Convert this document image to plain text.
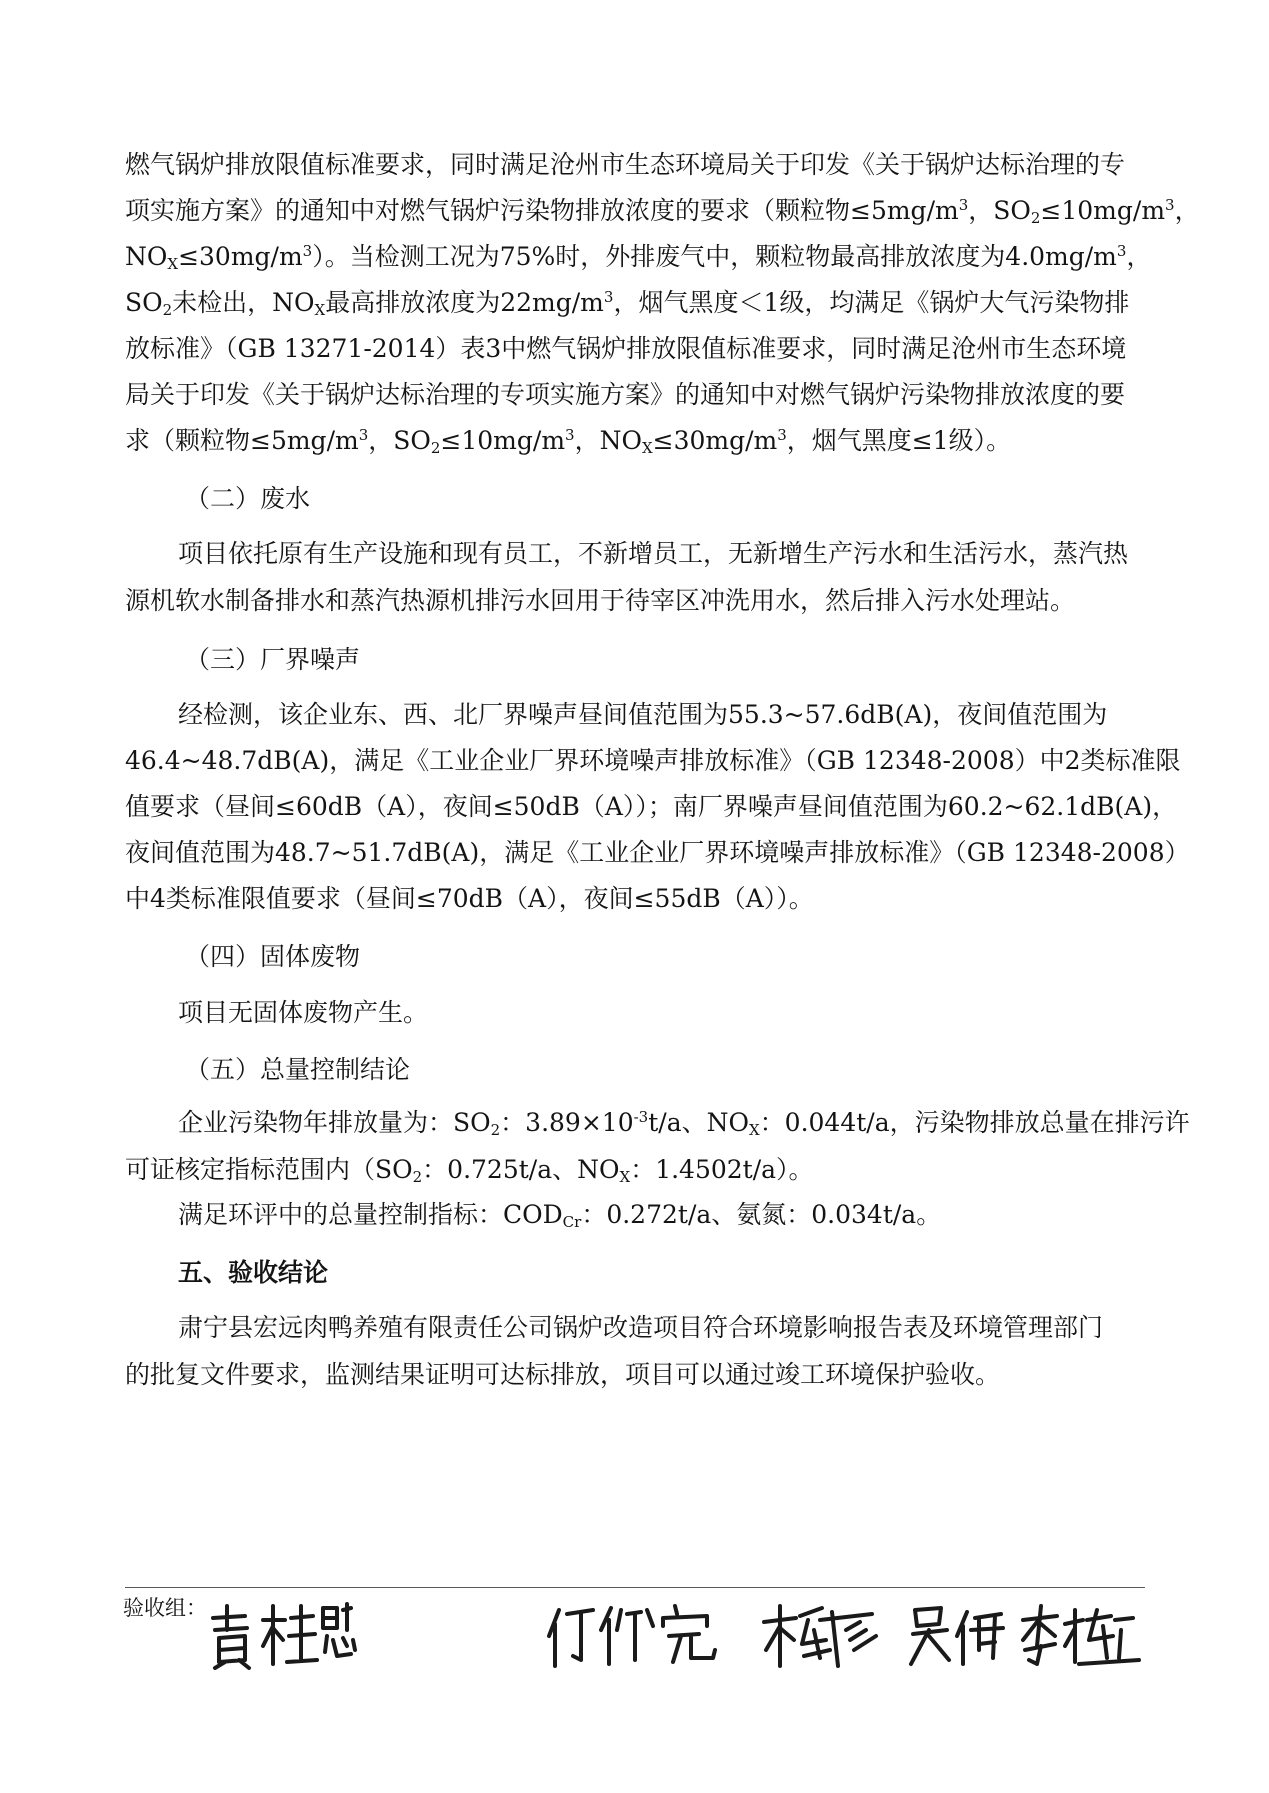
燃气锅炉排放限值标准要求，同时满足沧州市生态环境局关于印发《关于锅炉达标治理的专
项实施方案》的通知中对燃气锅炉污染物排放浓度的要求（颗粒物$\le 5mg/m^3$，$SO_2\le 10mg/m^3$，
$NO_X\le 30mg/m^3$）。当检测工况为75%时，外排废气中，颗粒物最高排放浓度为$4.0mg/m^3$，
$SO_2$未检出，$NO_X$最高排放浓度为$22mg/m^3$，烟气黑度＜1级，均满足《锅炉大气污染物排
放标准》（GB 13271-2014）表3中燃气锅炉排放限值标准要求，同时满足沧州市生态环境
局关于印发《关于锅炉达标治理的专项实施方案》的通知中对燃气锅炉污染物排放浓度的要
求（颗粒物$\le 5mg/m^3$，$SO_2\le 10mg/m^3$，$NO_X\le 30mg/m^3$，烟气黑度≤1级）。
（二）废水
项目依托原有生产设施和现有员工，不新增员工，无新增生产污水和生活污水，蒸汽热
源机软水制备排水和蒸汽热源机排污水回用于待宰区冲洗用水，然后排入污水处理站。
（三）厂界噪声
经检测，该企业东、西、北厂界噪声昼间值范围为55.3~57.6dB(A)，夜间值范围为
46.4~48.7dB(A)，满足《工业企业厂界环境噪声排放标准》（GB 12348-2008）中2类标准限
值要求（昼间≤60dB（A），夜间≤50dB（A））；南厂界噪声昼间值范围为60.2~62.1dB(A)，
夜间值范围为48.7~51.7dB(A)，满足《工业企业厂界环境噪声排放标准》（GB 12348-2008）
中4类标准限值要求（昼间≤70dB（A），夜间≤55dB（A））。
（四）固体废物
项目无固体废物产生。
（五）总量控制结论
企业污染物年排放量为：$SO_2$：$3.89\times 10^{-3}t/a$、$NO_X$：0.044t/a，污染物排放总量在排污许
可证核定指标范围内（$SO_2$：0.725t/a、$NO_X$：1.4502t/a）。
满足环评中的总量控制指标：$COD_{Cr}$：0.272t/a、氨氮：0.034t/a。
五、验收结论
肃宁县宏远肉鸭养殖有限责任公司锅炉改造项目符合环境影响报告表及环境管理部门
的批复文件要求，监测结果证明可达标排放，项目可以通过竣工环境保护验收。
验收组：
